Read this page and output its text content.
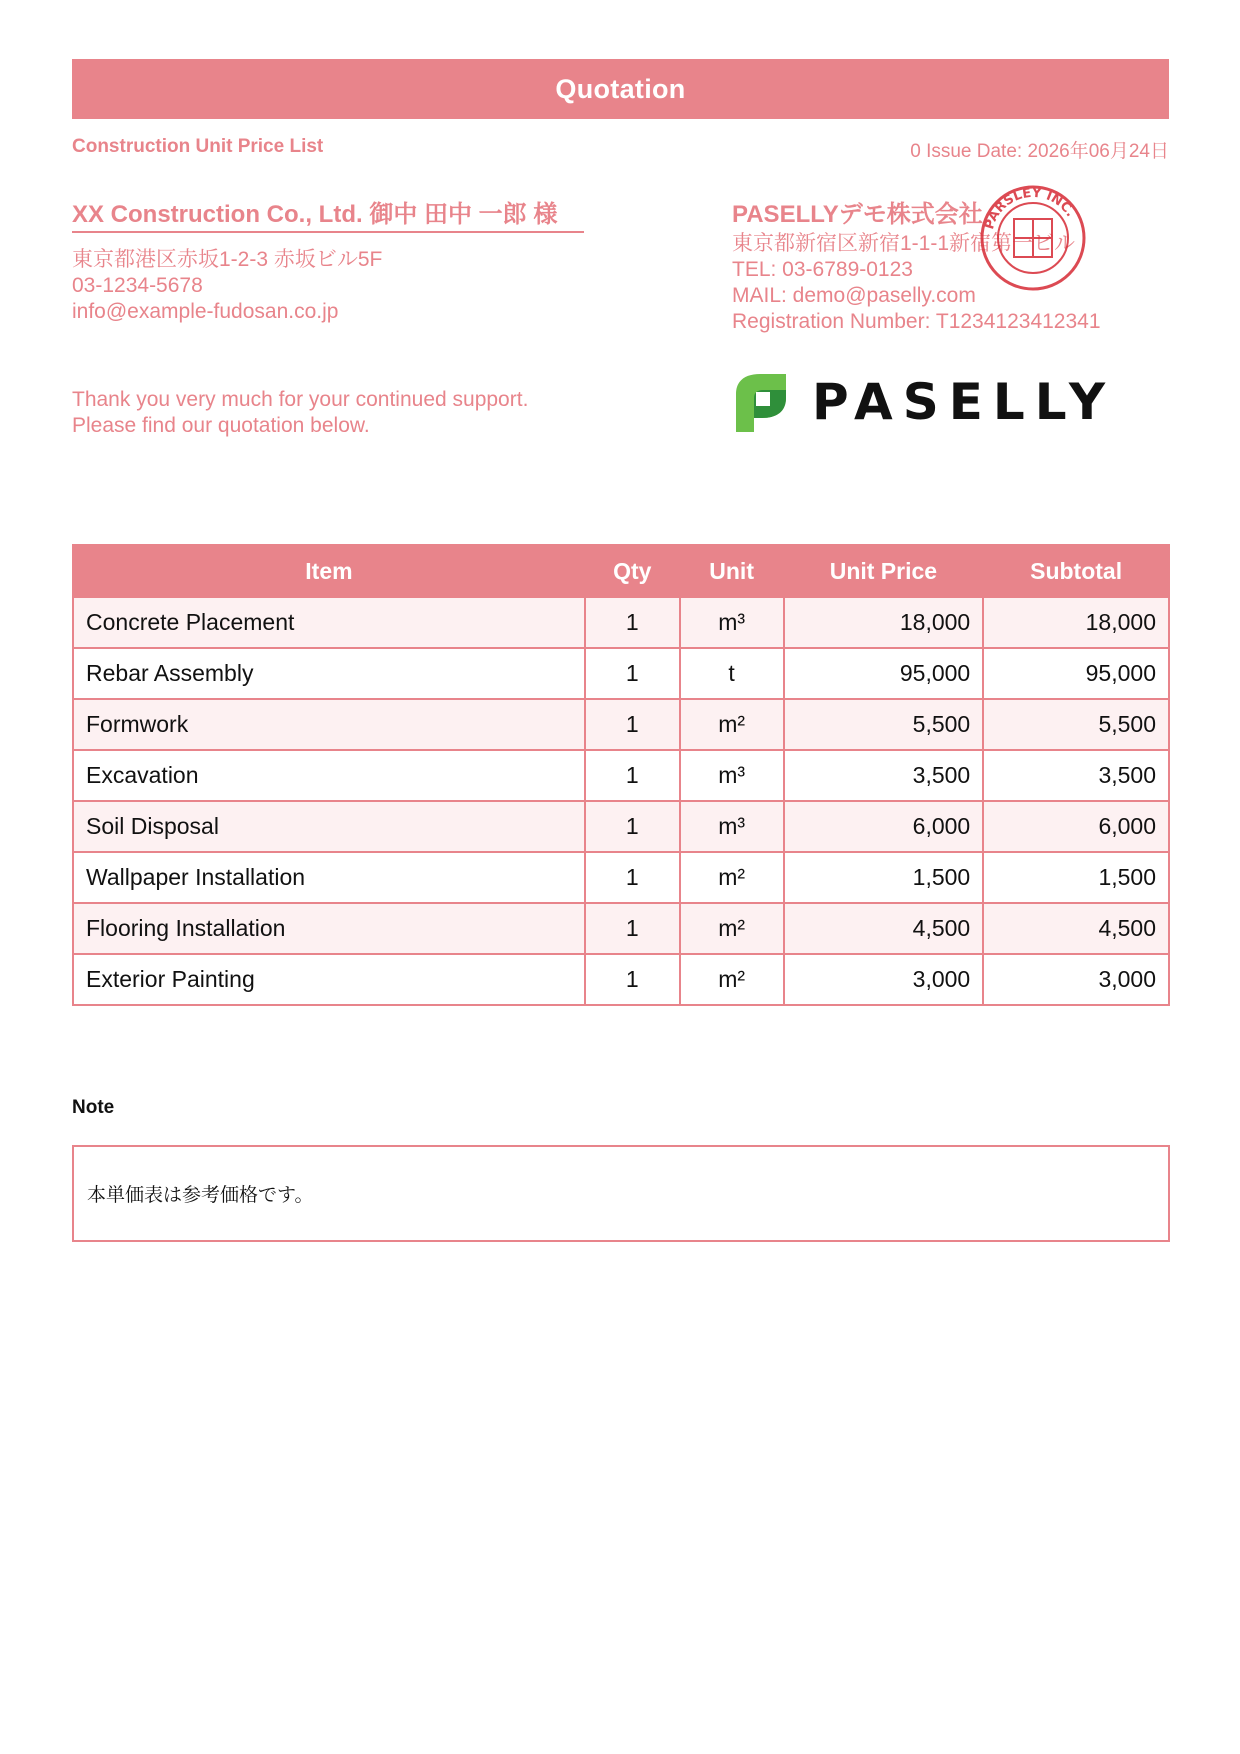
Quotation
Construction Unit Price List	0 Issue Date: 2026年06月24日
XX Construction Co., Ltd. 御中 田中 一郎 様
東京都港区赤坂1-2-3 赤坂ビル5F
03-1234-5678
info@example-fudosan.co.jp
Thank you very much for your continued support.
Please find our quotation below.
PASELLYデモ株式会社
東京都新宿区新宿1-1-1新宿第一ビル
TEL: 03-6789-0123
MAIL: demo@paselly.com
Registration Number: T1234123412341
PARSLEY INC.
PASELLY
Item	Qty	Unit	Unit Price	Subtotal
Concrete Placement	1	m³	18,000	18,000
Rebar Assembly	1	t	95,000	95,000
Formwork	1	m²	5,500	5,500
Excavation	1	m³	3,500	3,500
Soil Disposal	1	m³	6,000	6,000
Wallpaper Installation	1	m²	1,500	1,500
Flooring Installation	1	m²	4,500	4,500
Exterior Painting	1	m²	3,000	3,000
Note
本単価表は参考価格です。
